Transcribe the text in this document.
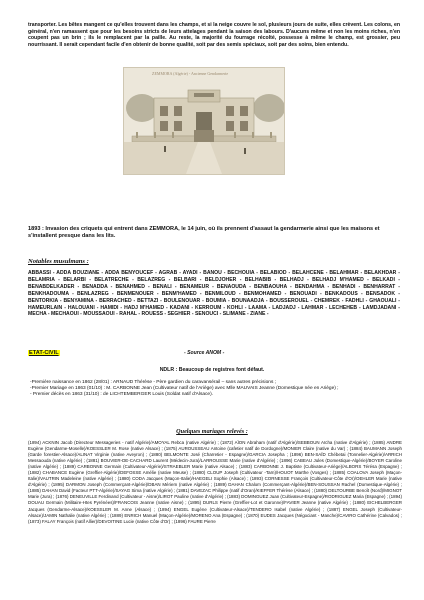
transporter. Les bêtes mangent ce qu'elles trouvent dans les champs, et si la neige couvre le sol, plusieurs jours de suite, elles crèvent. Les colons, en général, n'en ramassent que pour les besoins stricts de leurs attelages pendant la saison des labours. D'aucuns même et non les moins riches, n'en coupent pas un brin ; ils le remplacent par la paille. Au reste, la majorité du fourrage récolté, possesse à même le champ, est grossier, peu nourrissant. Il serait cependant facile d'en obtenir de bonne qualité, soit par des semis spéciaux, soit par des soins, bien entendu.
ZEMMORA (Algérie) - Ancienne Gendarmerie
1893 : Invasion des criquets qui entrent dans ZEMMORA, le 14 juin, où ils prennent d'assaut la gendarmerie ainsi que les maisons et s'installent presque dans les lits.
Notables musulmans :
ABBASSI - ADDA BOUZIANE - ADDA BENYOUCEF - AGRAB - AYADI - BANOU - BECHOUIA - BELABIOD - BELAHCENE - BELAHMAR - BELAKHDAR - BELAMRIA - BELARBI - BELATRECHE - BELAZREG - BELBARI - BELDJOHER - BELHABIB - BELHADJ - BELHADJ M'HAMED - BELKADI - BENABDELKADER - BENADDA - BENAHMED - BENALI - BENAMEUR - BENAOUDA - BENBAOUHA - BENDAHMA - BENHADI - BENHARRAT - BENKHADOUMA - BENLAZREG - BENMENOUER - BENM'HAMED - BENMILOUD - BENMOHAMED - BENOUADI - BENKADOUS - BENSADOK - BENTORKIA - BENYAMINA - BERRACHED - BETTAZI - BOULENOUAR - BOUMIA - BOUNAADJA - BOUSSEROUEL - CHEMREK - FADHLI - GHAOUALI - HAMEURLAIN - HALOUANI - HAMIDI - HADJ M'HAMED - KADANI - KERROUM - KOHLI - LAAMA - LADJADJ - LAHMAR - LECHEHEB - LAMDJADANI - MECHA - MECHAOUI - MOUSSAOUI - RAHAL - ROUESS - SEGHIER - SENOUCI - SLIMANE - ZIANE -
ETAT-CIVIL	- Source ANOM -
NDLR : Beaucoup de registres font défaut.

-Première naissance en 1862 (28/01) : ARNAUD Thérèse - Père gardien du caravansérail – sans autres précisions ;

-Premier Mariage en 1863 (01/10) : M. CARBONNE Jean (Cultivateur natif de l'Ariège) avec Mlle MAUVAIS Jeanne (Domestique née en Ariège) ;

- Premier décès en 1863 (31/10) : de LICHTEMBERGER Louis (Soldat natif d'Alsace).

Quelques mariages relevés :
(1894) ACKNIN Jacob (Directeur Messageries - natif Algérie)/AMOYAL Rebca (native Algérie) ; (1872) AÏON Abraham (natif d'Algérie)/SEBBOUN Aïcha (native d'Algérie) ; (1885) ANDRE Eugène (Gendarme-Moselle)/KOESSLER M. Rose (native Alsace) ; (1875) AUROUSSEAU Antoine (cafetier natif de Dordogne)/MONIER Claire (native du Var) ; (1884) BAUMANN Joseph (Garde forestier-Alsace)/ALINAT Virginie (native Aveyron) ; (1880) BELMONTE José (Charretier - Espagne)/GARCIA Josepha ; (1896) BEN-SAÏD Chébetai (Tonnelier-Algérie)/ARRICH Messaouda (native Algérie) ; (1881) BOUVIER-DE-CACHARD Laurent (Médecin-Jura)/LARROUSSE Marie (native d'Algérie) ; (1896) CABEAU Jules (Domestique-Algérie)/BOYER Caroline (native Algérie) ; (1889) CARBONNE Germain (Cultivateur-Algérie)/STRAEBLER Marie (native Alsace) ; (1883) CARBONNE J. Baptiste (Cultivateur-Ariège)/ALBORS Térésa (Espagne) ; (1882) CHABANCE Eugène (Greffier-Algérie)/DEFOSSE Amélie (native Meuse) ; (1880) CLOUP Joseph (Cultivateur -Tarn)/HOUOT Marthe (Vosges) ; (1885) COALOVA Joseph (Maçon-Italie)/VAUTRIN Madeleine (native Algérie) ; (1880) CODA Jacques (Maçon-Italie)/HAEGELI Sophie (Alsace) ; (1893) CORNESSE François (Cultivateur-Côte d'Or)/OEHLER Marie (native d'Algérie) ; (1895) DARMON Joseph (Commerçant-Algérie)/DBAN Mériem (native Algérie) ; (1889) DAHAN Chalom (Commerçant-Algérie)/BEN-SOUSSAN Rachel (Domestique-Algérie) ; (1885) DAHAN David (Facteur PTT-Algérie)/SAYAG Sima (native Algérie) ; (1881) DAVEZAC Philippe (natif d'Oran)/KIEFFER Thérèse (Alsace) ; (1880) DELTOURBE Benoît (Nord)/MIGNOT Marie (Jura) ; (1876) DENEUVILLE Ferdinand (Cultivateur - Aisne)/LIROT Pauline (native d'Algérie) ; (1883) DOMINGUEZ Juan (Cultivateur-Espagne)/RODRIGUEZ Maria (Espagne) ; (1894) DOUAU Germain (Militaire-Htes Pyrénées)/FRANCOIS Jeanne (native Aisne) ; (1895) DURLS Pierre (Greffier-Lot et Garonne)/FAVIER Jeanne (native Algérie) ; (1880) EICHELBERGER Jacques (Gendarme-Alsace)/KOESSLER M. Anne (Alsace) ; (1894) ENGEL Eugène (Cultivateur-Alsace)/TENDERO Isabel (native Algérie) ; (1887) ENGEL Joseph (Cultivateur-Alsace)/JAMIN Nathalie (native Algérie) ; (1889) ENRICH Manuel (Maçon-Algérie)/MORENO Ana (Espagne) ; (1870) EUDES Jacques (Négociant - Manche)/CAVIRO Cathérine (Calvados) ; (1873) FALAY François (natif Allier)/DEVOITINE Lucie (native Côte d'Or) ; (1896) FAURE Pierre
